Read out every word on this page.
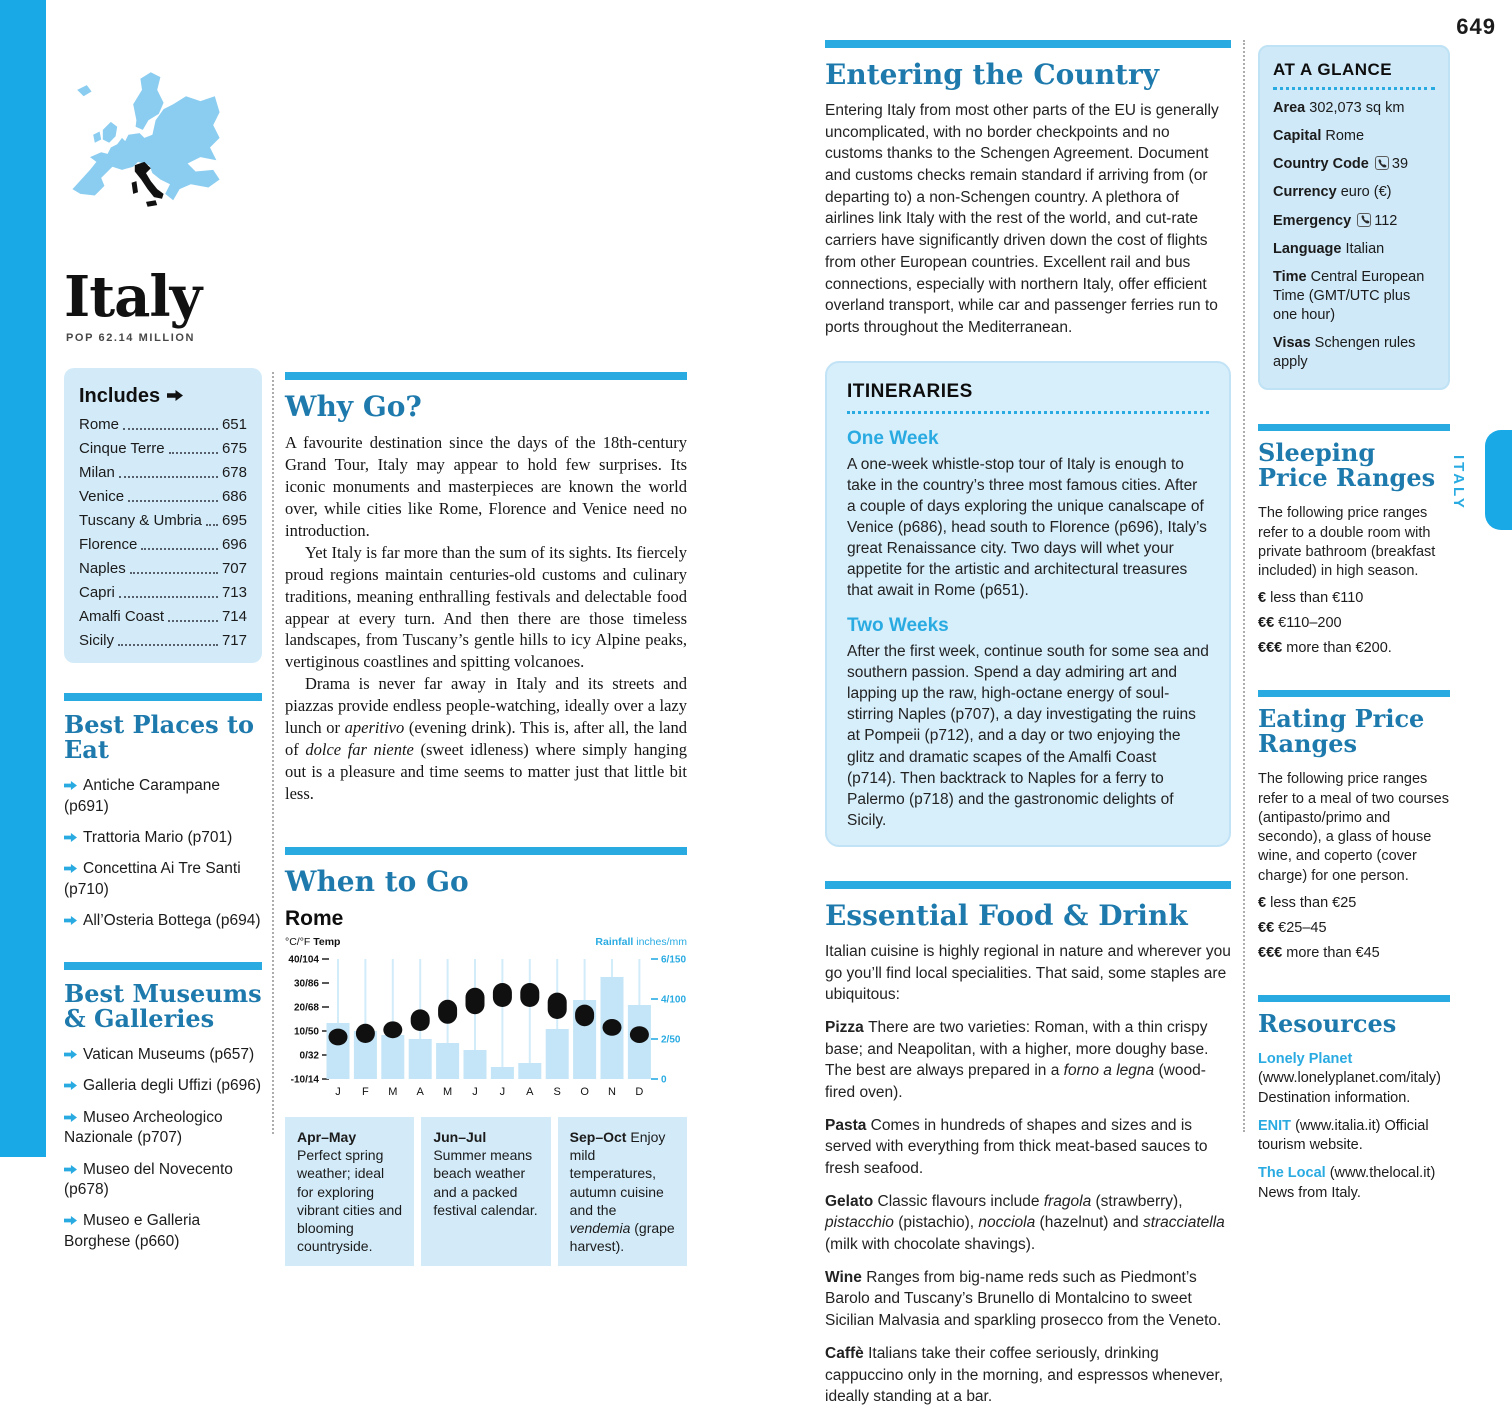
649
Italy
POP 62.14 MILLION
Includes
Rome	651
Cinque Terre	675
Milan	678
Venice	686
Tuscany & Umbria 695
Florence	696
Naples	707
Capri	713
Amalfi Coast	714
Sicily	717
Best Places to Eat
Antiche Carampane (p691)
Trattoria Mario (p701)
Concettina Ai Tre Santi (p710)
All’Osteria Bottega (p694)
Best Museums & Galleries
Vatican Museums (p657)
Galleria degli Uffizi (p696)
Museo Archeologico Nazionale (p707)
Museo del Novecento (p678)
Museo e Galleria Borghese (p660)
Why Go?

A favourite destination since the days of the 18th-century Grand Tour, Italy may appear to hold few surprises. Its iconic monuments and masterpieces are known the world over, while cities like Rome, Florence and Venice need no introduction.

Yet Italy is far more than the sum of its sights. Its fiercely proud regions maintain centuries-old customs and culinary traditions, meaning enthralling festivals and delectable food appear at every turn. And then there are those timeless landscapes, from Tuscany’s gentle hills to icy Alpine peaks, vertiginous coastlines and spitting volcanoes.

Drama is never far away in Italy and its streets and piazzas provide endless people-watching, ideally over a lazy lunch or aperitivo (evening drink). This is, after all, the land of dolce far niente (sweet idleness) where simply hanging out is a pleasure and time seems to matter just that little bit less.

When to Go
Rome
°C/°F Temp	Rainfall inches/mm
40/104
30/86
20/68
10/50
0/32
-10/14
6/150
4/100
2/50
0
J F M A M J J A S O N D
Apr–May Perfect spring weather; ideal for exploring vibrant cities and blooming countryside.
Jun–Jul Summer means beach weather and a packed festival calendar.
Sep–Oct Enjoy mild temperatures, autumn cuisine and the vendemia (grape harvest).
Entering the Country

Entering Italy from most other parts of the EU is generally uncomplicated, with no border checkpoints and no customs thanks to the Schengen Agreement. Document and customs checks remain standard if arriving from (or departing to) a non-Schengen country. A plethora of airlines link Italy with the rest of the world, and cut-rate carriers have significantly driven down the cost of flights from other European countries. Excellent rail and bus connections, especially with northern Italy, offer efficient overland transport, while car and passenger ferries run to ports throughout the Mediterranean.

ITINERARIES
One Week

A one-week whistle-stop tour of Italy is enough to take in the country’s three most famous cities. After a couple of days exploring the unique canalscape of Venice (p686), head south to Florence (p696), Italy’s great Renaissance city. Two days will whet your appetite for the artistic and architectural treasures that await in Rome (p651).

Two Weeks

After the first week, continue south for some sea and southern passion. Spend a day admiring art and lapping up the raw, high-octane energy of soul-stirring Naples (p707), a day investigating the ruins at Pompeii (p712), and a day or two enjoying the glitz and dramatic scapes of the Amalfi Coast (p714). Then backtrack to Naples for a ferry to Palermo (p718) and the gastronomic delights of Sicily.

Essential Food & Drink

Italian cuisine is highly regional in nature and wherever you go you’ll find local specialities. That said, some staples are ubiquitous:

Pizza There are two varieties: Roman, with a thin crispy base; and Neapolitan, with a higher, more doughy base. The best are always prepared in a forno a legna (wood-fired oven).

Pasta Comes in hundreds of shapes and sizes and is served with everything from thick meat-based sauces to fresh seafood.

Gelato Classic flavours include fragola (strawberry), pistacchio (pistachio), nocciola (hazelnut) and stracciatella (milk with chocolate shavings).

Wine Ranges from big-name reds such as Piedmont’s Barolo and Tuscany’s Brunello di Montalcino to sweet Sicilian Malvasia and sparkling prosecco from the Veneto.

Caffè Italians take their coffee seriously, drinking cappuccino only in the morning, and espressos whenever, ideally standing at a bar.

AT A GLANCE
Area 302,073 sq km
Capital Rome
Country Code
39
Currency euro (€)
Emergency
112
Language Italian
Time Central European Time (GMT/UTC plus one hour)
Visas Schengen rules apply
Sleeping Price Ranges

The following price ranges refer to a double room with private bathroom (breakfast included) in high season.

€ less than €110
€€ €110–200
€€€ more than €200.
Eating Price Ranges

The following price ranges refer to a meal of two courses (antipasto/primo and secondo), a glass of house wine, and coperto (cover charge) for one person.

€ less than €25
€€ €25–45
€€€ more than €45
Resources

Lonely Planet (www.lonelyplanet.com/italy) Destination information.

ENIT (www.italia.it) Official tourism website.

The Local (www.thelocal.it) News from Italy.

ITALY
